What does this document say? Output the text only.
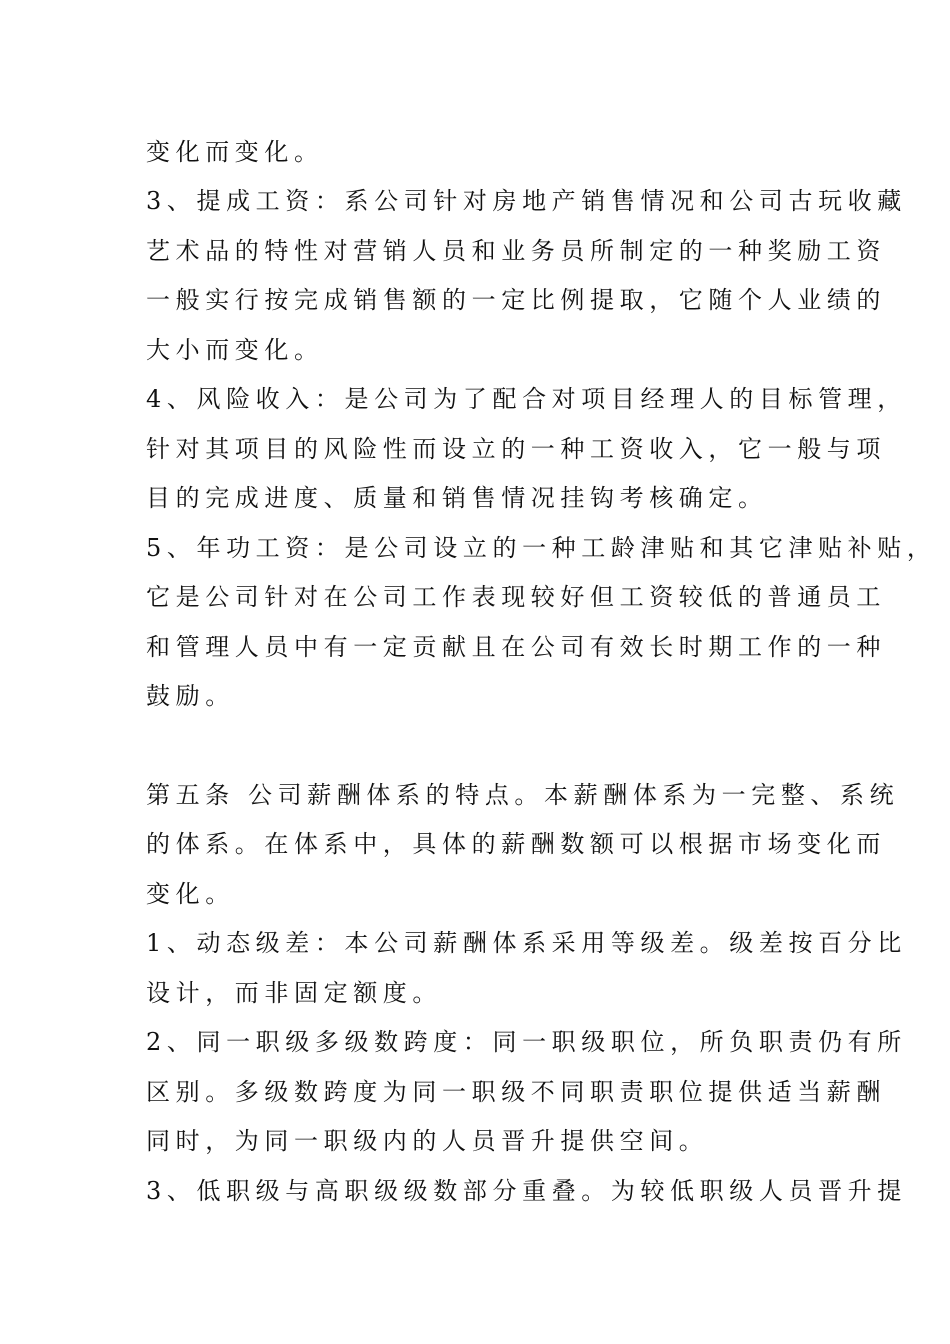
变化而变化。
3、提成工资：系公司针对房地产销售情况和公司古玩收藏
艺术品的特性对营销人员和业务员所制定的一种奖励工资
一般实行按完成销售额的一定比例提取，它随个人业绩的
大小而变化。
4、风险收入：是公司为了配合对项目经理人的目标管理，
针对其项目的风险性而设立的一种工资收入，它一般与项
目的完成进度、质量和销售情况挂钩考核确定。
5、年功工资：是公司设立的一种工龄津贴和其它津贴补贴，
它是公司针对在公司工作表现较好但工资较低的普通员工
和管理人员中有一定贡献且在公司有效长时期工作的一种
鼓励。
第五条 公司薪酬体系的特点。本薪酬体系为一完整、系统
的体系。在体系中，具体的薪酬数额可以根据市场变化而
变化。
1、动态级差：本公司薪酬体系采用等级差。级差按百分比
设计，而非固定额度。
2、同一职级多级数跨度：同一职级职位，所负职责仍有所
区别。多级数跨度为同一职级不同职责职位提供适当薪酬
同时，为同一职级内的人员晋升提供空间。
3、低职级与高职级级数部分重叠。为较低职级人员晋升提
